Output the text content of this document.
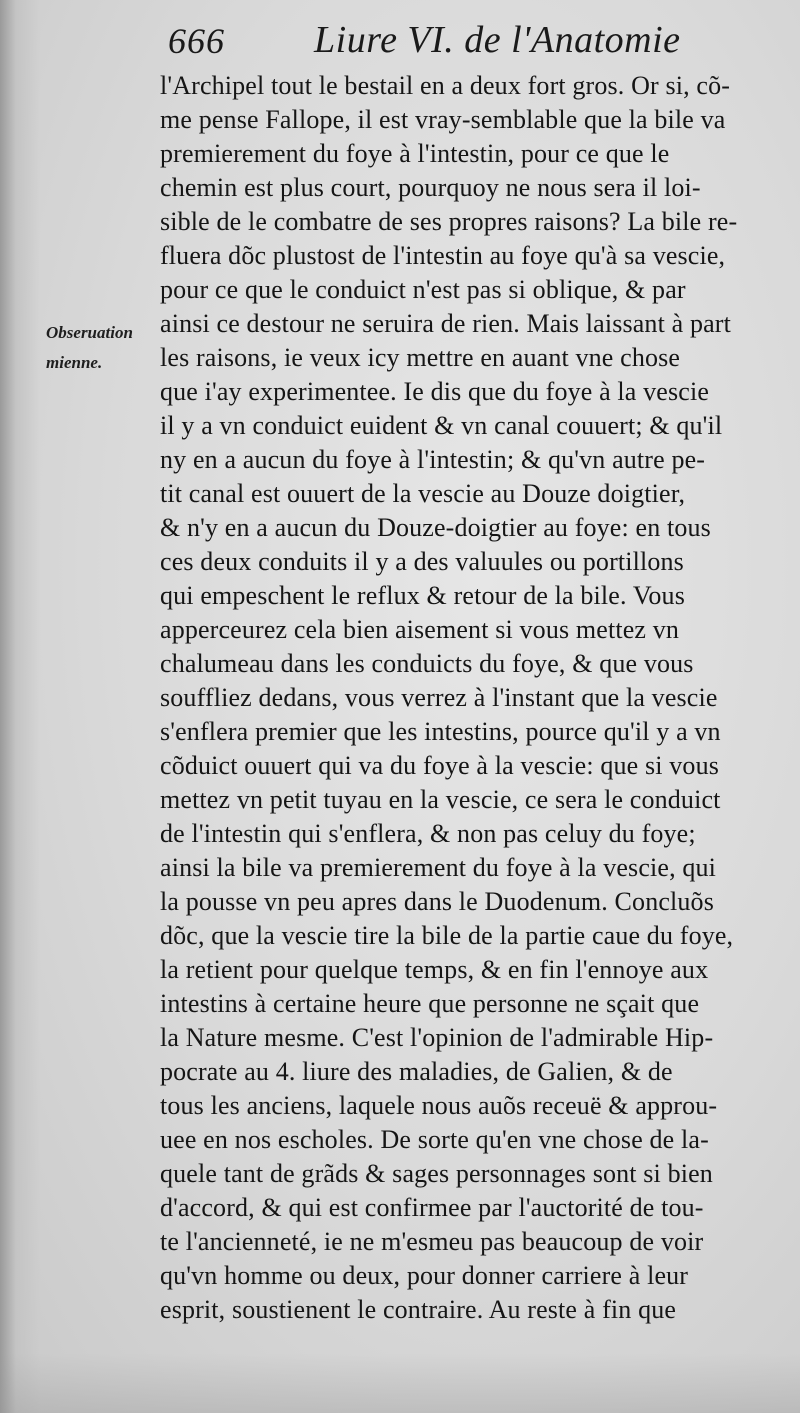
666 Liure VI. de l'Anatomie
Obseruation
mienne.
l'Archipel tout le bestail en a deux fort gros. Or si, cõ-
me pense Fallope, il est vray-semblable que la bile va
premierement du foye à l'intestin, pour ce que le
chemin est plus court, pourquoy ne nous sera il loi-
sible de le combatre de ses propres raisons? La bile re-
fluera dõc plustost de l'intestin au foye qu'à sa vescie,
pour ce que le conduict n'est pas si oblique, & par
ainsi ce destour ne seruira de rien. Mais laissant à part
les raisons, ie veux icy mettre en auant vne chose
que i'ay experimentee. Ie dis que du foye à la vescie
il y a vn conduict euident & vn canal couuert; & qu'il
ny en a aucun du foye à l'intestin; & qu'vn autre pe-
tit canal est ouuert de la vescie au Douze doigtier,
& n'y en a aucun du Douze-doigtier au foye: en tous
ces deux conduits il y a des valuules ou portillons
qui empeschent le reflux & retour de la bile. Vous
apperceurez cela bien aisement si vous mettez vn
chalumeau dans les conduicts du foye, & que vous
souffliez dedans, vous verrez à l'instant que la vescie
s'enflera premier que les intestins, pource qu'il y a vn
cõduict ouuert qui va du foye à la vescie: que si vous
mettez vn petit tuyau en la vescie, ce sera le conduict
de l'intestin qui s'enflera, & non pas celuy du foye;
ainsi la bile va premierement du foye à la vescie, qui
la pousse vn peu apres dans le Duodenum. Concluõs
dõc, que la vescie tire la bile de la partie caue du foye,
la retient pour quelque temps, & en fin l'ennoye aux
intestins à certaine heure que personne ne sçait que
la Nature mesme. C'est l'opinion de l'admirable Hip-
pocrate au 4. liure des maladies, de Galien, & de
tous les anciens, laquele nous auõs receuë & approu-
uee en nos escholes. De sorte qu'en vne chose de la-
quele tant de grãds & sages personnages sont si bien
d'accord, & qui est confirmee par l'auctorité de tou-
te l'ancienneté, ie ne m'esmeu pas beaucoup de voir
qu'vn homme ou deux, pour donner carriere à leur
esprit, soustienent le contraire. Au reste à fin que
